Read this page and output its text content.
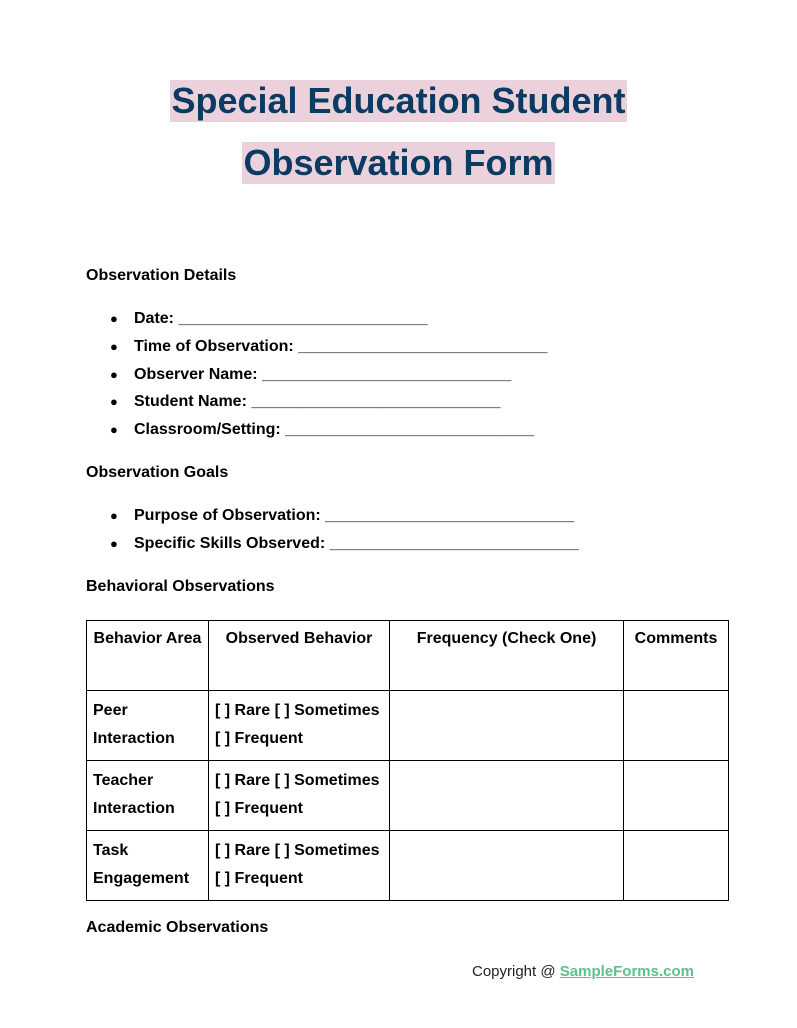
Special Education Student
Observation Form
Observation Details
● Date: ____________________________
● Time of Observation: ____________________________
● Observer Name: ____________________________
● Student Name: ____________________________
● Classroom/Setting: ____________________________
Observation Goals
● Purpose of Observation: ____________________________
● Specific Skills Observed: ____________________________
Behavioral Observations
Behavior Area	Observed Behavior	Frequency (Check One)	Comments
Peer Interaction	[ ] Rare [ ] Sometimes [ ] Frequent		
Teacher Interaction	[ ] Rare [ ] Sometimes [ ] Frequent		
Task Engagement	[ ] Rare [ ] Sometimes [ ] Frequent		
Academic Observations
Copyright @ SampleForms.com
